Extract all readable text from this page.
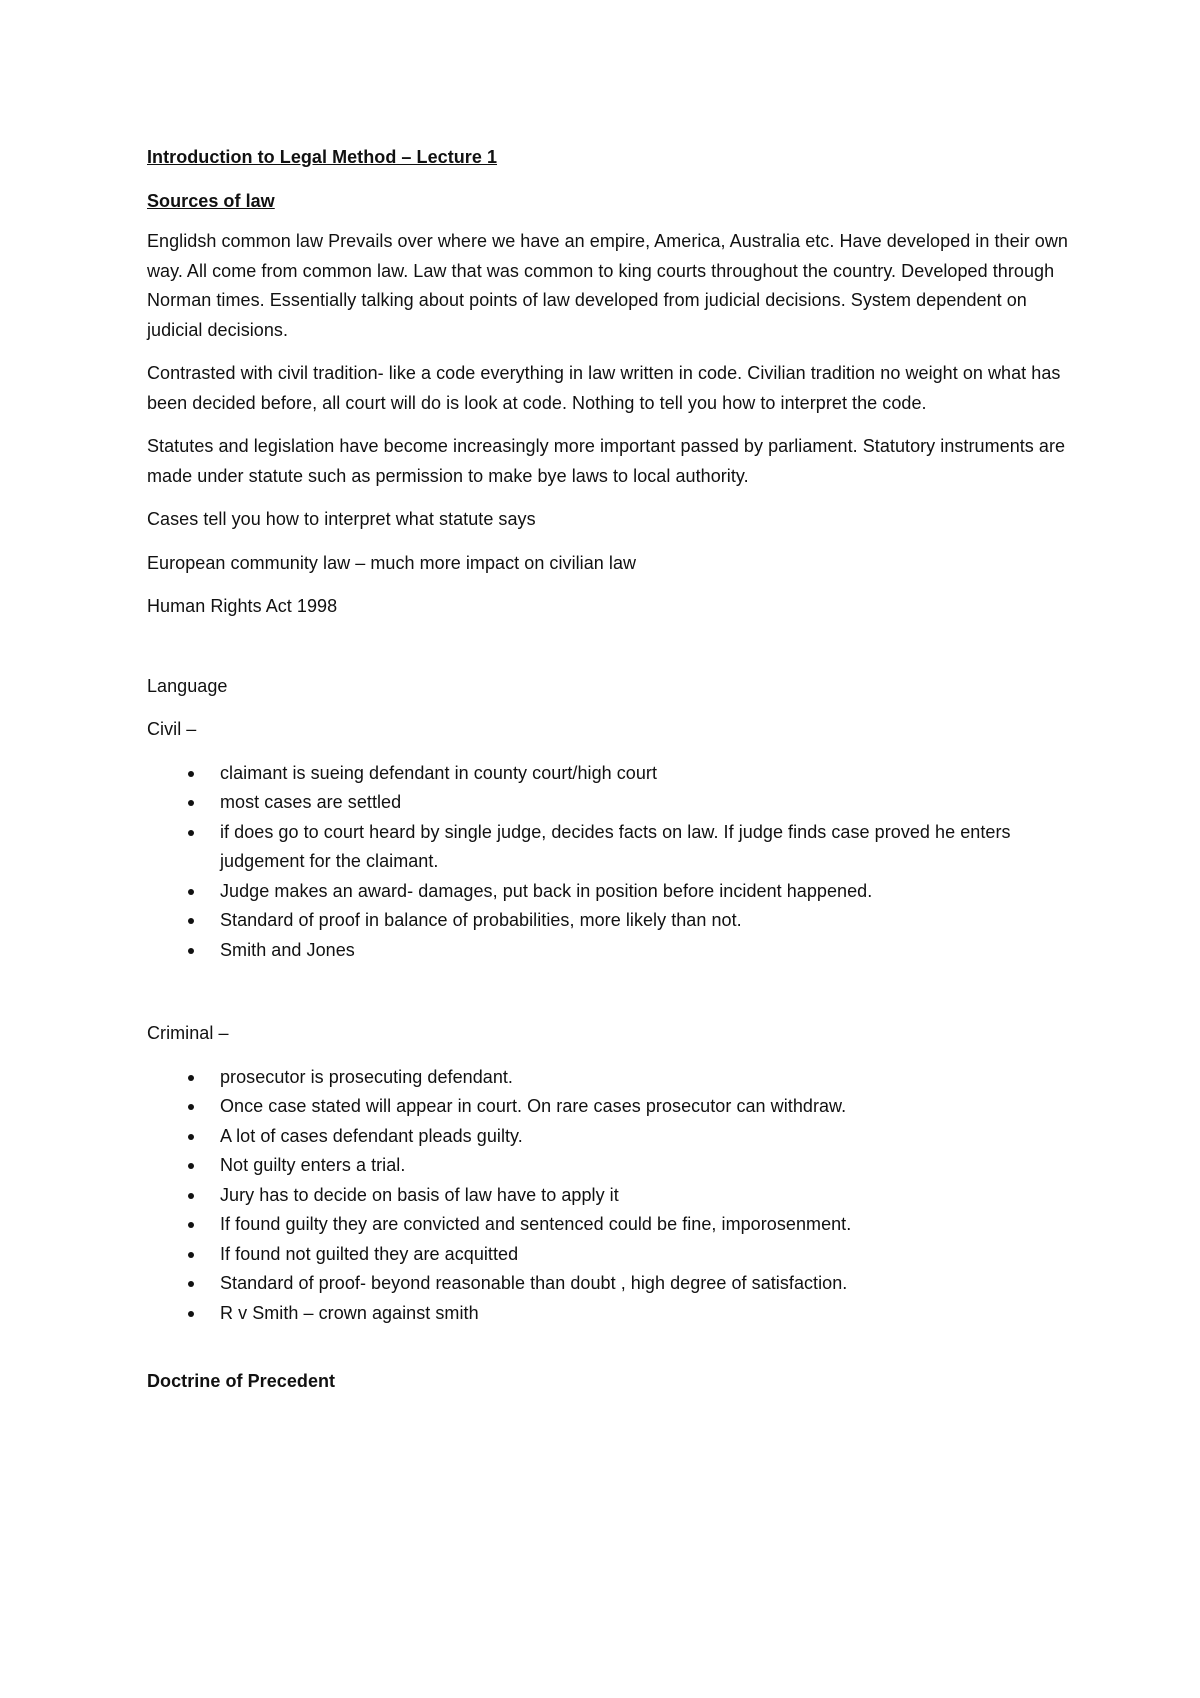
Introduction to Legal Method – Lecture 1

Sources of law

Englidsh common law Prevails over where we have an empire, America, Australia etc. Have developed in their own way. All come from common law. Law that was common to king courts throughout the country. Developed through Norman times. Essentially talking about points of law developed from judicial decisions. System dependent on judicial decisions.

Contrasted with civil tradition- like a code everything in law written in code. Civilian tradition no weight on what has been decided before, all court will do is look at code. Nothing to tell you how to interpret the code.

Statutes and legislation have become increasingly more important passed by parliament. Statutory instruments are made under statute such as permission to make bye laws to local authority.

Cases tell you how to interpret what statute says

European community law – much more impact on civilian law

Human Rights Act 1998

Language

Civil –

claimant is sueing defendant in county court/high court
most cases are settled
if does go to court heard by single judge, decides facts on law. If judge finds case proved he enters judgement for the claimant.
Judge makes an award- damages, put back in position before incident happened.
Standard of proof in balance of probabilities, more likely than not.
Smith and Jones

Criminal –

prosecutor is prosecuting defendant.
Once case stated will appear in court. On rare cases prosecutor can withdraw.
A lot of cases defendant pleads guilty.
Not guilty enters a trial.
Jury has to decide on basis of law have to apply it
If found guilty they are convicted and sentenced could be fine, imporosenment.
If found not guilted they are acquitted
Standard of proof- beyond reasonable than doubt , high degree of satisfaction.
R v Smith – crown against smith

Doctrine of Precedent
